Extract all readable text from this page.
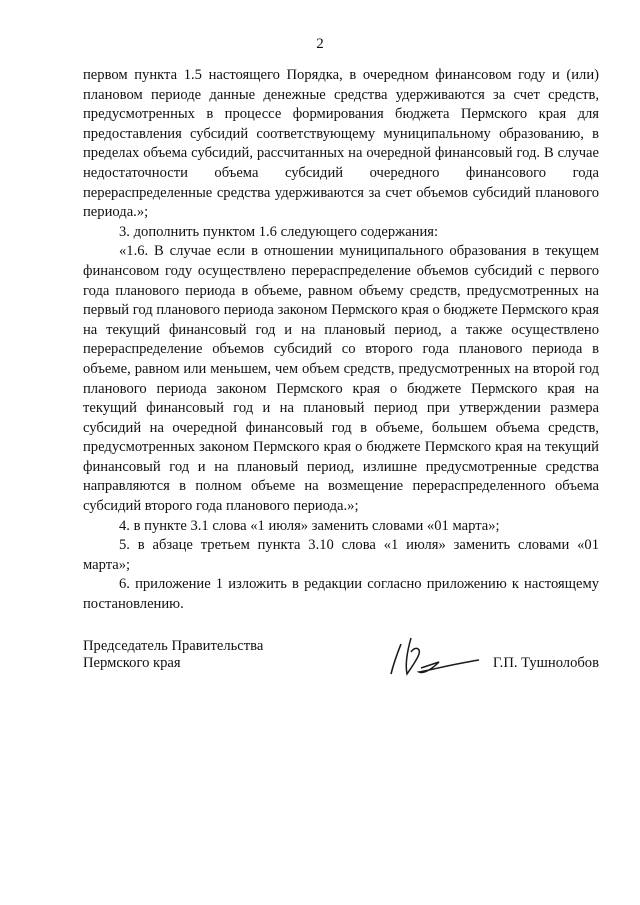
2

первом пункта 1.5 настоящего Порядка, в очередном финансовом году и (или) плановом периоде данные денежные средства удерживаются за счет средств, предусмотренных в процессе формирования бюджета Пермского края для предоставления субсидий соответствующему муниципальному образованию, в пределах объема субсидий, рассчитанных на очередной финансовый год. В случае недостаточности объема субсидий очередного финансового года перераспределенные средства удерживаются за счет объемов субсидий планового периода.»;

3. дополнить пунктом 1.6 следующего содержания:

«1.6. В случае если в отношении муниципального образования в текущем финансовом году осуществлено перераспределение объемов субсидий с первого года планового периода в объеме, равном объему средств, предусмотренных на первый год планового периода законом Пермского края о бюджете Пермского края на текущий финансовый год и на плановый период, а также осуществлено перераспределение объемов субсидий со второго года планового периода в объеме, равном или меньшем, чем объем средств, предусмотренных на второй год планового периода законом Пермского края о бюджете Пермского края на текущий финансовый год и на плановый период при утверждении размера субсидий на очередной финансовый год в объеме, большем объема средств, предусмотренных законом Пермского края о бюджете Пермского края на текущий финансовый год и на плановый период, излишне предусмотренные средства направляются в полном объеме на возмещение перераспределенного объема субсидий второго года планового периода.»;

4. в пункте 3.1 слова «1 июля» заменить словами «01 марта»;

5. в абзаце третьем пункта 3.10 слова «1 июля» заменить словами «01 марта»;

6. приложение 1 изложить в редакции согласно приложению к настоящему постановлению.

Председатель Правительства
Пермского края	Г.П. Тушнолобов
